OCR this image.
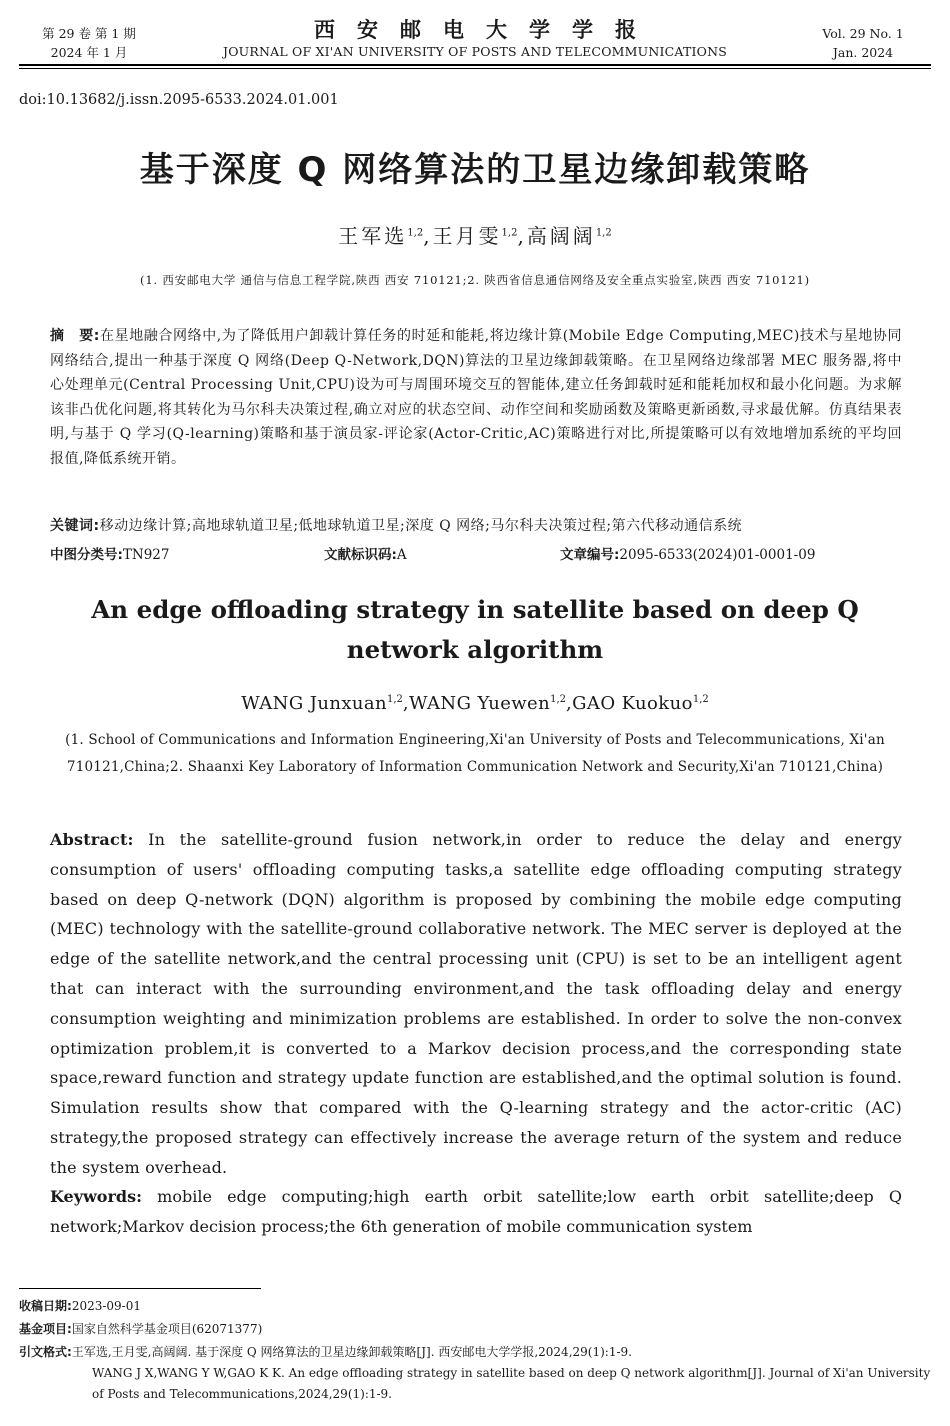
第 29 卷 第 1 期
2024 年 1 月
西安邮电大学学报
JOURNAL OF XI'AN UNIVERSITY OF POSTS AND TELECOMMUNICATIONS
Vol. 29 No. 1
Jan. 2024
doi:10.13682/j.issn.2095-6533.2024.01.001
基于深度 Q 网络算法的卫星边缘卸载策略
王军选$^{1,2}$,王月雯$^{1,2}$,高阔阔$^{1,2}$
(1. 西安邮电大学 通信与信息工程学院,陕西 西安 710121;2. 陕西省信息通信网络及安全重点实验室,陕西 西安 710121)
摘　要:在星地融合网络中,为了降低用户卸载计算任务的时延和能耗,将边缘计算(Mobile Edge Computing,MEC)技术与星地协同网络结合,提出一种基于深度 Q 网络(Deep Q-Network,DQN)算法的卫星边缘卸载策略。在卫星网络边缘部署 MEC 服务器,将中心处理单元(Central Processing Unit,CPU)设为可与周围环境交互的智能体,建立任务卸载时延和能耗加权和最小化问题。为求解该非凸优化问题,将其转化为马尔科夫决策过程,确立对应的状态空间、动作空间和奖励函数及策略更新函数,寻求最优解。仿真结果表明,与基于 Q 学习(Q-learning)策略和基于演员家-评论家(Actor-Critic,AC)策略进行对比,所提策略可以有效地增加系统的平均回报值,降低系统开销。
关键词:移动边缘计算;高地球轨道卫星;低地球轨道卫星;深度 Q 网络;马尔科夫决策过程;第六代移动通信系统
中图分类号:TN927	文献标识码:A	文章编号:2095-6533(2024)01-0001-09
An edge offloading strategy in satellite based on deep Q network algorithm
WANG Junxuan$^{1,2}$,WANG Yuewen$^{1,2}$,GAO Kuokuo$^{1,2}$
(1. School of Communications and Information Engineering,Xi'an University of Posts and Telecommunications, Xi'an 710121,China;2. Shaanxi Key Laboratory of Information Communication Network and Security,Xi'an 710121,China)
Abstract: In the satellite-ground fusion network,in order to reduce the delay and energy consumption of users' offloading computing tasks,a satellite edge offloading computing strategy based on deep Q-network (DQN) algorithm is proposed by combining the mobile edge computing (MEC) technology with the satellite-ground collaborative network. The MEC server is deployed at the edge of the satellite network,and the central processing unit (CPU) is set to be an intelligent agent that can interact with the surrounding environment,and the task offloading delay and energy consumption weighting and minimization problems are established. In order to solve the non-convex optimization problem,it is converted to a Markov decision process,and the corresponding state space,reward function and strategy update function are established,and the optimal solution is found. Simulation results show that compared with the Q-learning strategy and the actor-critic (AC) strategy,the proposed strategy can effectively increase the average return of the system and reduce the system overhead.
Keywords: mobile edge computing;high earth orbit satellite;low earth orbit satellite;deep Q network;Markov decision process;the 6th generation of mobile communication system
收稿日期:2023-09-01
基金项目:国家自然科学基金项目(62071377)
引文格式:王军选,王月雯,高阔阔. 基于深度 Q 网络算法的卫星边缘卸载策略[J]. 西安邮电大学学报,2024,29(1):1-9.
WANG J X,WANG Y W,GAO K K. An edge offloading strategy in satellite based on deep Q network algorithm[J]. Journal of Xi'an University of Posts and Telecommunications,2024,29(1):1-9.
